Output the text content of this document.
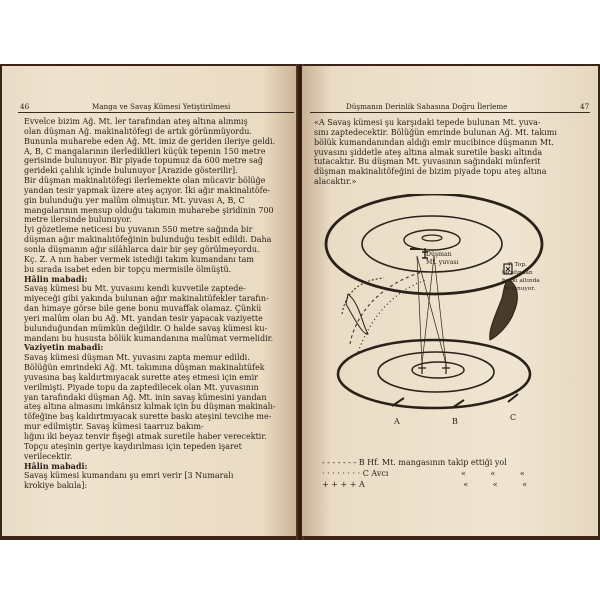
46	Manga ve Savaş Kümesi Yetiştirilmesi
Evvelce bizim Ağ. Mt. ler tarafından ateş altına alınmış
olan düşman Ağ. makinalıtöfegi de artık görünmüyordu.
Bununla muharebe eden Ağ. Mt. imiz de geriden ileriye geldi.
A, B, C mangalarının ilerlediklleri küçük tepenin 150 metre
gerisinde bulunuyor. Bir piyade topumuz da 600 metre sağ
gerideki çalılık içinde bulunuyor [Arazide gösterilir].
Bir düşman makinalıtöfegi ilerlemekte olan mücavir bölüğe
yandan tesir yapmak üzere ateş açıyor. İki ağır makinalıtöfe-
gin bulunduğu yer malûm olmuştur. Mt. yuvası A, B, C
mangalarının mensup olduğu takımın muharebe şiridinin 700
metre ilersinde bulunuyor.
İyi gözetleme neticesi bu yuvanın 550 metre sağında bir
düşman ağır makinalıtöfeğinin bulunduğu tesbit edildi. Daha
sonla düşmanın ağır silâhlarca dair bir şey görülmeyordu.
Kç. Z. A nın haber vermek istediği takım kumandanı tam
bu sırada isabet eden bir topçu mermisile ölmüştü.
Hâlin mabadi:
Savaş kümesi bu Mt. yuvasını kendi kuvvetile zaptede-
miyeceği gibi yakında bulunan ağır makinalıtüfekler tarafın-
dan himaye görse bile gene bonu muvaffak olamaz. Çünkü
yeri malûm olan bu Ağ. Mt. yandan tesir yapacak vaziyette
bulunduğundan mümkün değildir. O halde savaş kümesi ku-
mandanı bu hususta bölük kumandanına malûmat vermelidir.
Vaziyetin mabadi:
Savaş kümesi düşman Mt. yuvasını zapta memur edildi.
Bölüğün emrindeki Ağ. Mt. takımına düşman makinalıtüfek
yuvasına baş kaldırtmıyacak surette ateş etmesi için emir
verilmişti. Piyade topu da zaptedilecek olan Mt. yuvasının
yan tarafındaki düşman Ağ. Mt. inin savaş kümesini yandan
ateş altına almasını imkânsız kılmak için bu düşman makinalı-
töfeğine baş kaldırtmıyacak surette baskı ateşini tevcihe me-
mur edilmiştir. Savaş kümesi taarruz bakım-
lığını iki beyaz tenvir fişeği atmak suretile haber verecektir.
Topçu ateşinin geriye kaydırılması için tepeden işaret
verilecektir.
Hâlin mabadi:
Savaş kümesi kumandanı şu emri verir [3 Numaralı
krokiye bakıla]:
Düşmanın Derinlik Sahasına Doğru İlerleme	47
«A Savaş kümesi şu karşıdaki tepede bulunan Mt. yuva-
sını zaptedecektir. Bölüğün emrinde bulunan Ağ. Mt. takımı
bölük kumandanından aldığı emir mucibince düşmanın Mt.
yuvasını şiddetle ateş altına almak suretile baskı altında
tutacaktır. Bu düşman Mt. yuvasının sağındaki münferit
düşman makinalıtöfeğini de bizim piyade topu ateş altına
alacaktır.»
A	B	C
Düşman
Mt. yuvası	P. Top.
tarafından
baskı altında
bulunuyor.
- - - - - - - B Hf. Mt. mangasının takip ettiği yol
· · · · · · · · C Avcı	«	«	«
+ + + + A	«	«	«
